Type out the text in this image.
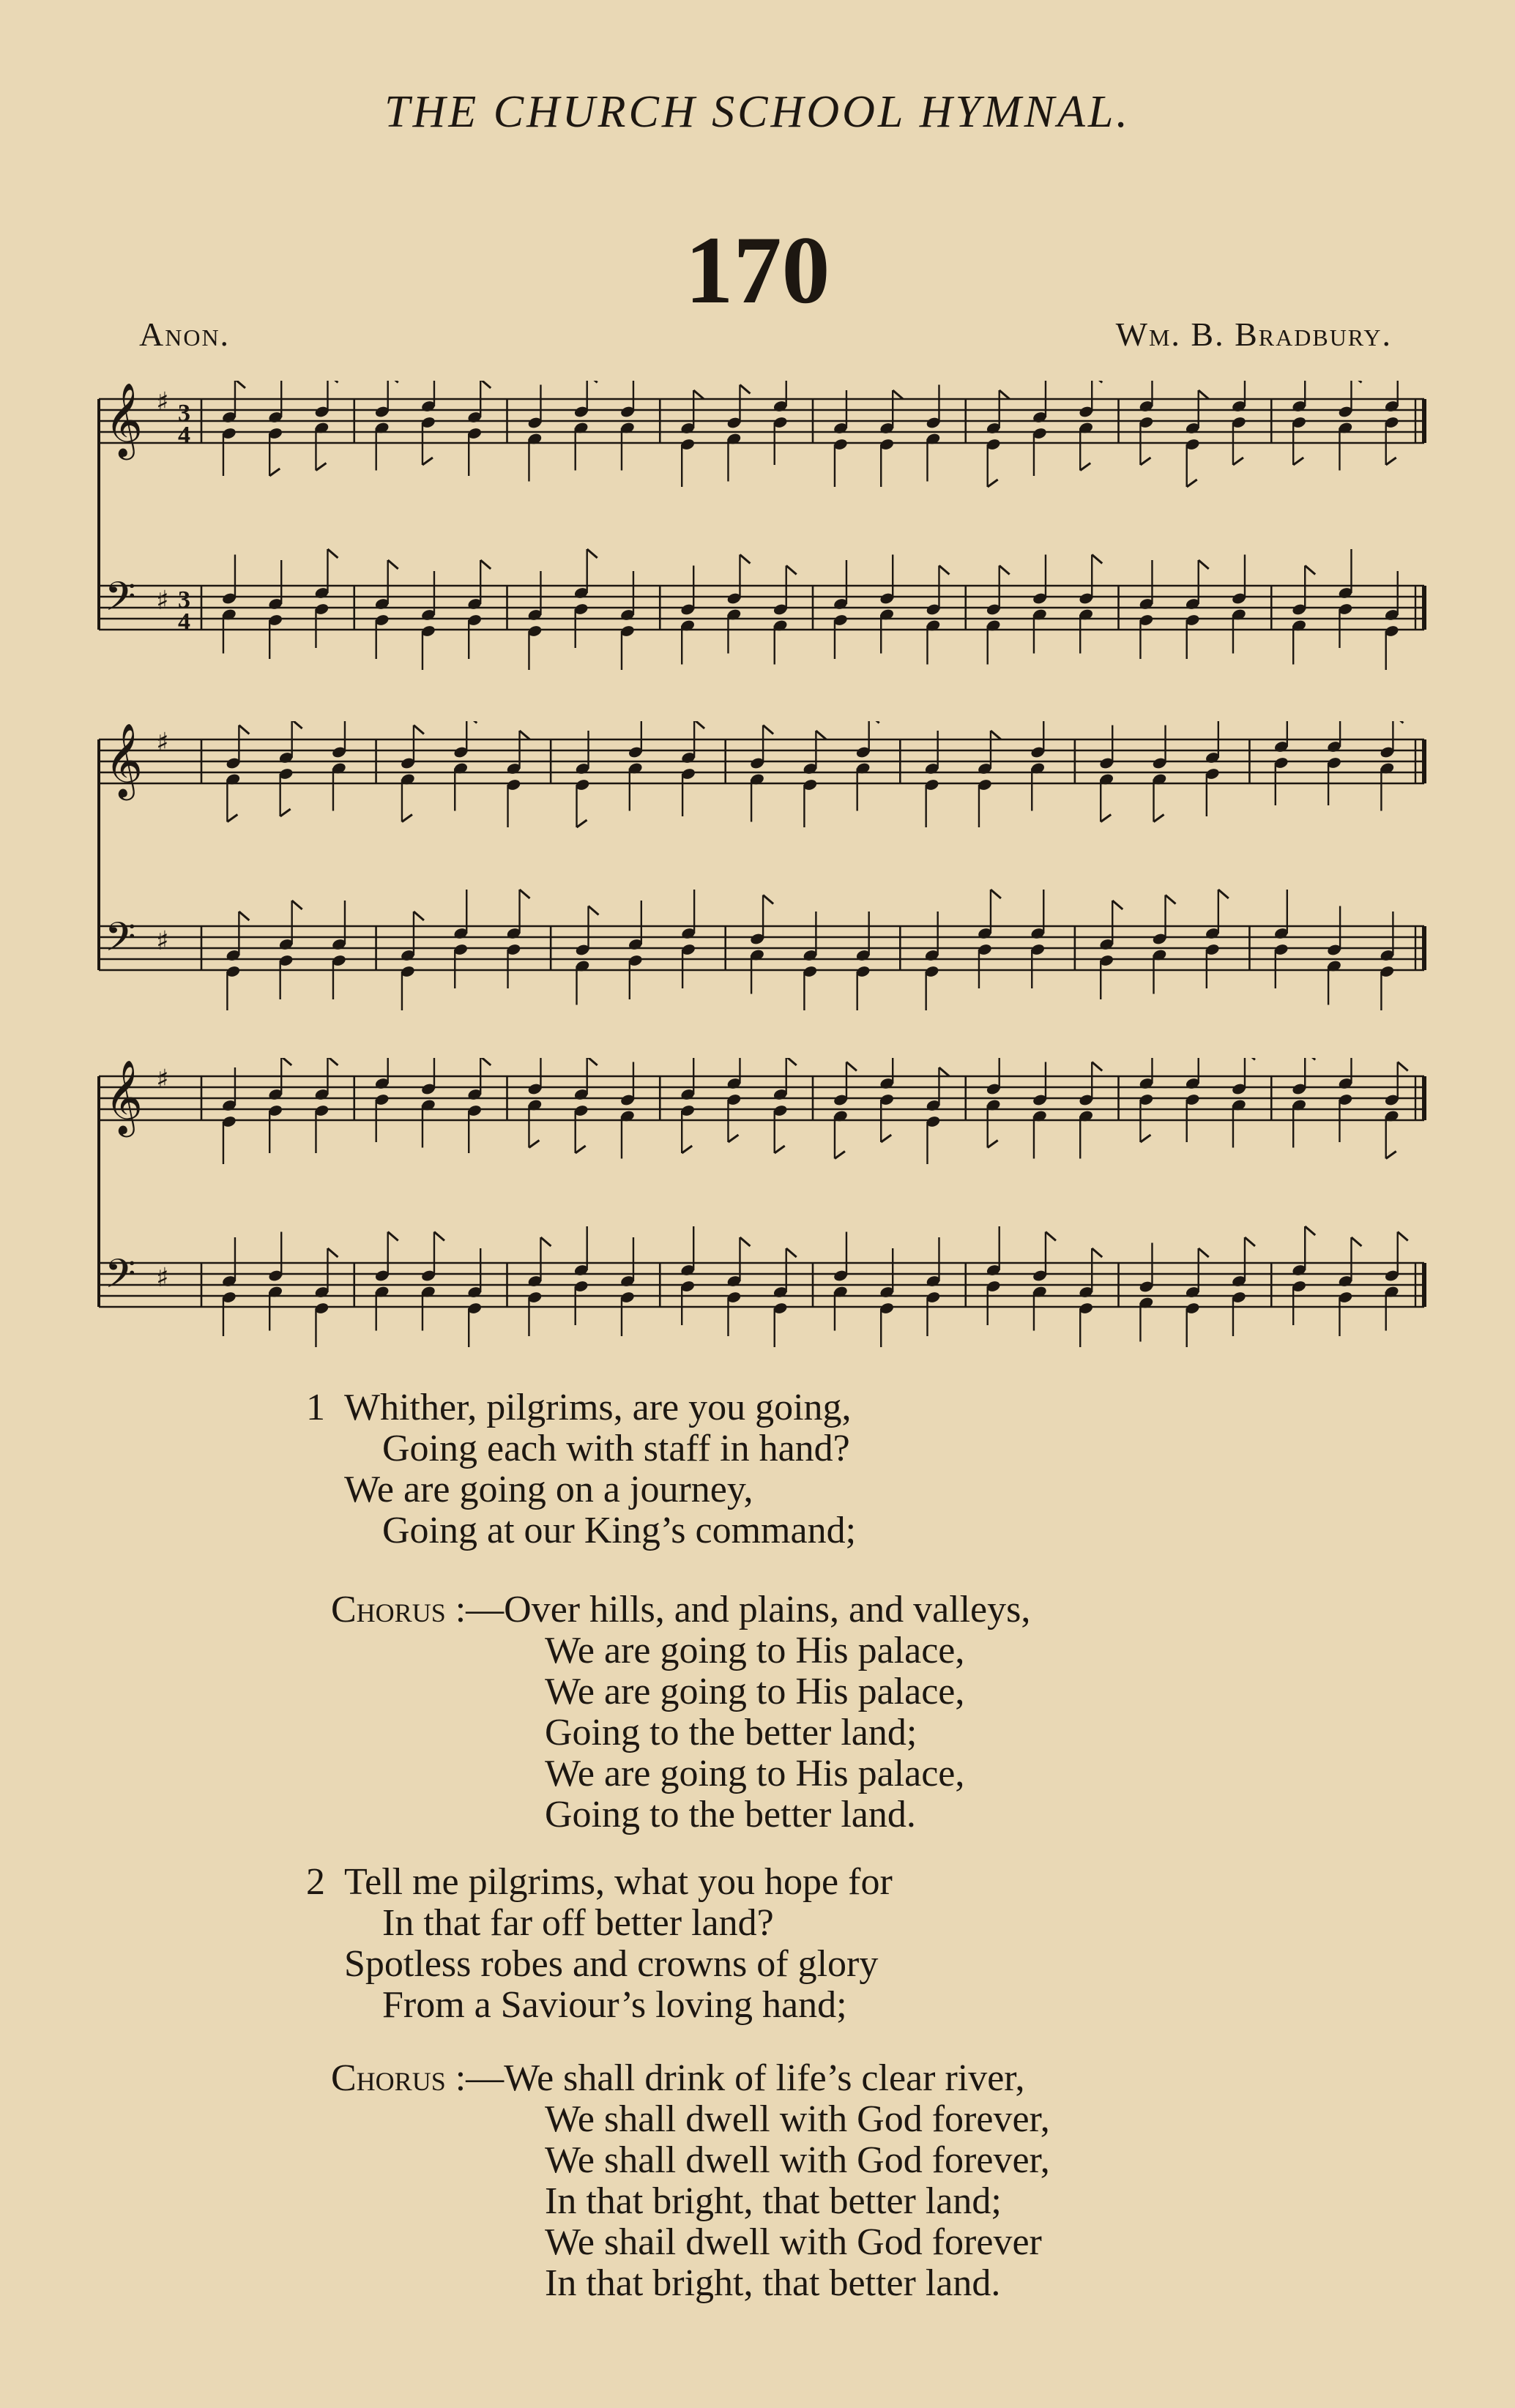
THE CHURCH SCHOOL HYMNAL.
170
Anon.	Wm. B. Bradbury.
𝄞
𝄢
♯
♯
3
4
3
4
𝄞
𝄢
♯
♯
𝄞
𝄢
♯
♯
1 Whither, pilgrims, are you going,
Going each with staff in hand?
We are going on a journey,
Going at our King’s command;
Chorus :—Over hills, and plains, and valleys,
We are going to His palace,
We are going to His palace,
Going to the better land;
We are going to His palace,
Going to the better land.
2 Tell me pilgrims, what you hope for
In that far off better land?
Spotless robes and crowns of glory
From a Saviour’s loving hand;
Chorus :—We shall drink of life’s clear river,
We shall dwell with God forever,
We shall dwell with God forever,
In that bright, that better land;
We shail dwell with God forever
In that bright, that better land.
